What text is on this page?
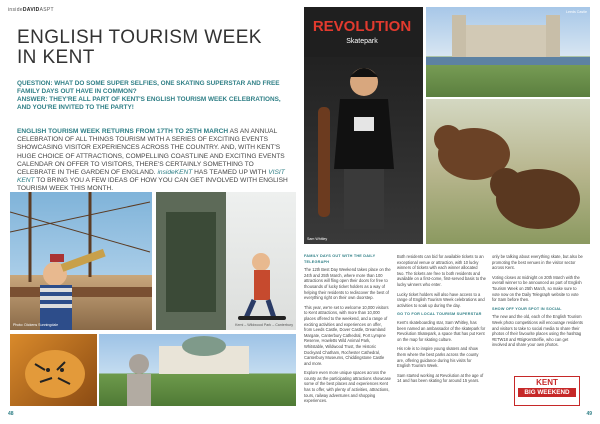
insideDAVIDASPT
ENGLISH TOURISM WEEK
IN KENT
QUESTION: WHAT DO SOME SUPER SELFIES, ONE SKATING SUPERSTAR AND FREE FAMILY DAYS OUT HAVE IN COMMON?
ANSWER: THEY'RE ALL PART OF KENT'S ENGLISH TOURISM WEEK CELEBRATIONS, AND YOU'RE INVITED TO THE PARTY!
ENGLISH TOURISM WEEK RETURNS FROM 17TH TO 25TH MARCH AS AN ANNUAL CELEBRATION OF ALL THINGS TOURISM WITH A SERIES OF EXCITING EVENTS SHOWCASING VISITOR EXPERIENCES ACROSS THE COUNTRY. AND, WITH KENT'S HUGE CHOICE OF ATTRACTIONS, COMPELLING COASTLINE AND EXCITING EVENTS CALENDAR ON OFFER TO VISITORS, THERE'S CERTAINLY SOMETHING TO CELEBRATE IN THE GARDEN OF ENGLAND. insideKENT HAS TEAMED UP WITH VISIT KENT TO BRING YOU A FEW IDEAS OF HOW YOU CAN GET INVOLVED WITH ENGLISH TOURISM WEEK THIS MONTH.
Photo: Dickens Sunningdale	Kemi – Wildwood Park – Canterbury
REVOLUTION
Skatepark
Sam Whitley
Leeds Castle
FAMILY DAYS OUT WITH THE DAILY TELEGRAPH

The 12th Best Day Weekend takes place on the 24th and 25th March, where more than 100 attractions will fling open their doors for free to thousands of lucky ticket holders as a way of helping their residents to rediscover the best of everything right on their own doorstep.

This year, we're set to welcome 10,000 visitors to Kent attractions, with more than 10,000 places offered to the weekend, and a range of exciting activities and experiences on offer, from Leeds Castle, Dover Castle, Dreamland Margate, Canterbury Cathedral, Port Lympne Reserve, Howletts Wild Animal Park, Whitstable, Wildwood Trust, the Historic Dockyard Chatham, Rochester Cathedral, Canterbury Museums, Chiddingstone Castle and more.

Explore even more unique spaces across the county as the participating attractions showcase some of the best places and experiences Kent has to offer, with plenty of activities, attractions, tours, railway adventures and shopping experiences.

Both residents can bid for available tickets to an exceptional venue or attraction, with 10 lucky winners of tickets with each winner allocated two. The tickets are free to both residents and available on a first-come, first-served basis to the lucky winners who enter.

Lucky ticket holders will also have access to a range of English Tourism Week celebrations and activities to soak up during the day.

GO TO FOR LOCAL TOURISM SUPERSTAR

Kent's skateboarding star, Sam Whitley, has been named an ambassador of the skatepark for Revolution Skatepark, a space that has put Kent on the map for skating culture.

His role is to inspire young skaters and show them where the best parks across the county are, offering guidance during his visits for English Tourism Week.

Sam started working at Revolution at the age of 14 and has been skating for around 15 years.

only be talking about everything skate, but also be promoting the best venues in the visitor sector across Kent.

Voting closes at midnight on 20th March with the overall winner to be announced as part of English Tourism Week on 25th March, so make sure to vote now on the Daily Telegraph website to vote for Sam before then.

SHOW OFF YOUR SPOT IN SOCIAL

The new and the old, each of the English Tourism Week photo competitions will encourage residents and visitors to take to social media to share their photos of their favourite places using the hashtag #ETW18 and #BigKentSelfie, who can get involved and share your own photos.

KENT
BIG WEEKEND
48	49
